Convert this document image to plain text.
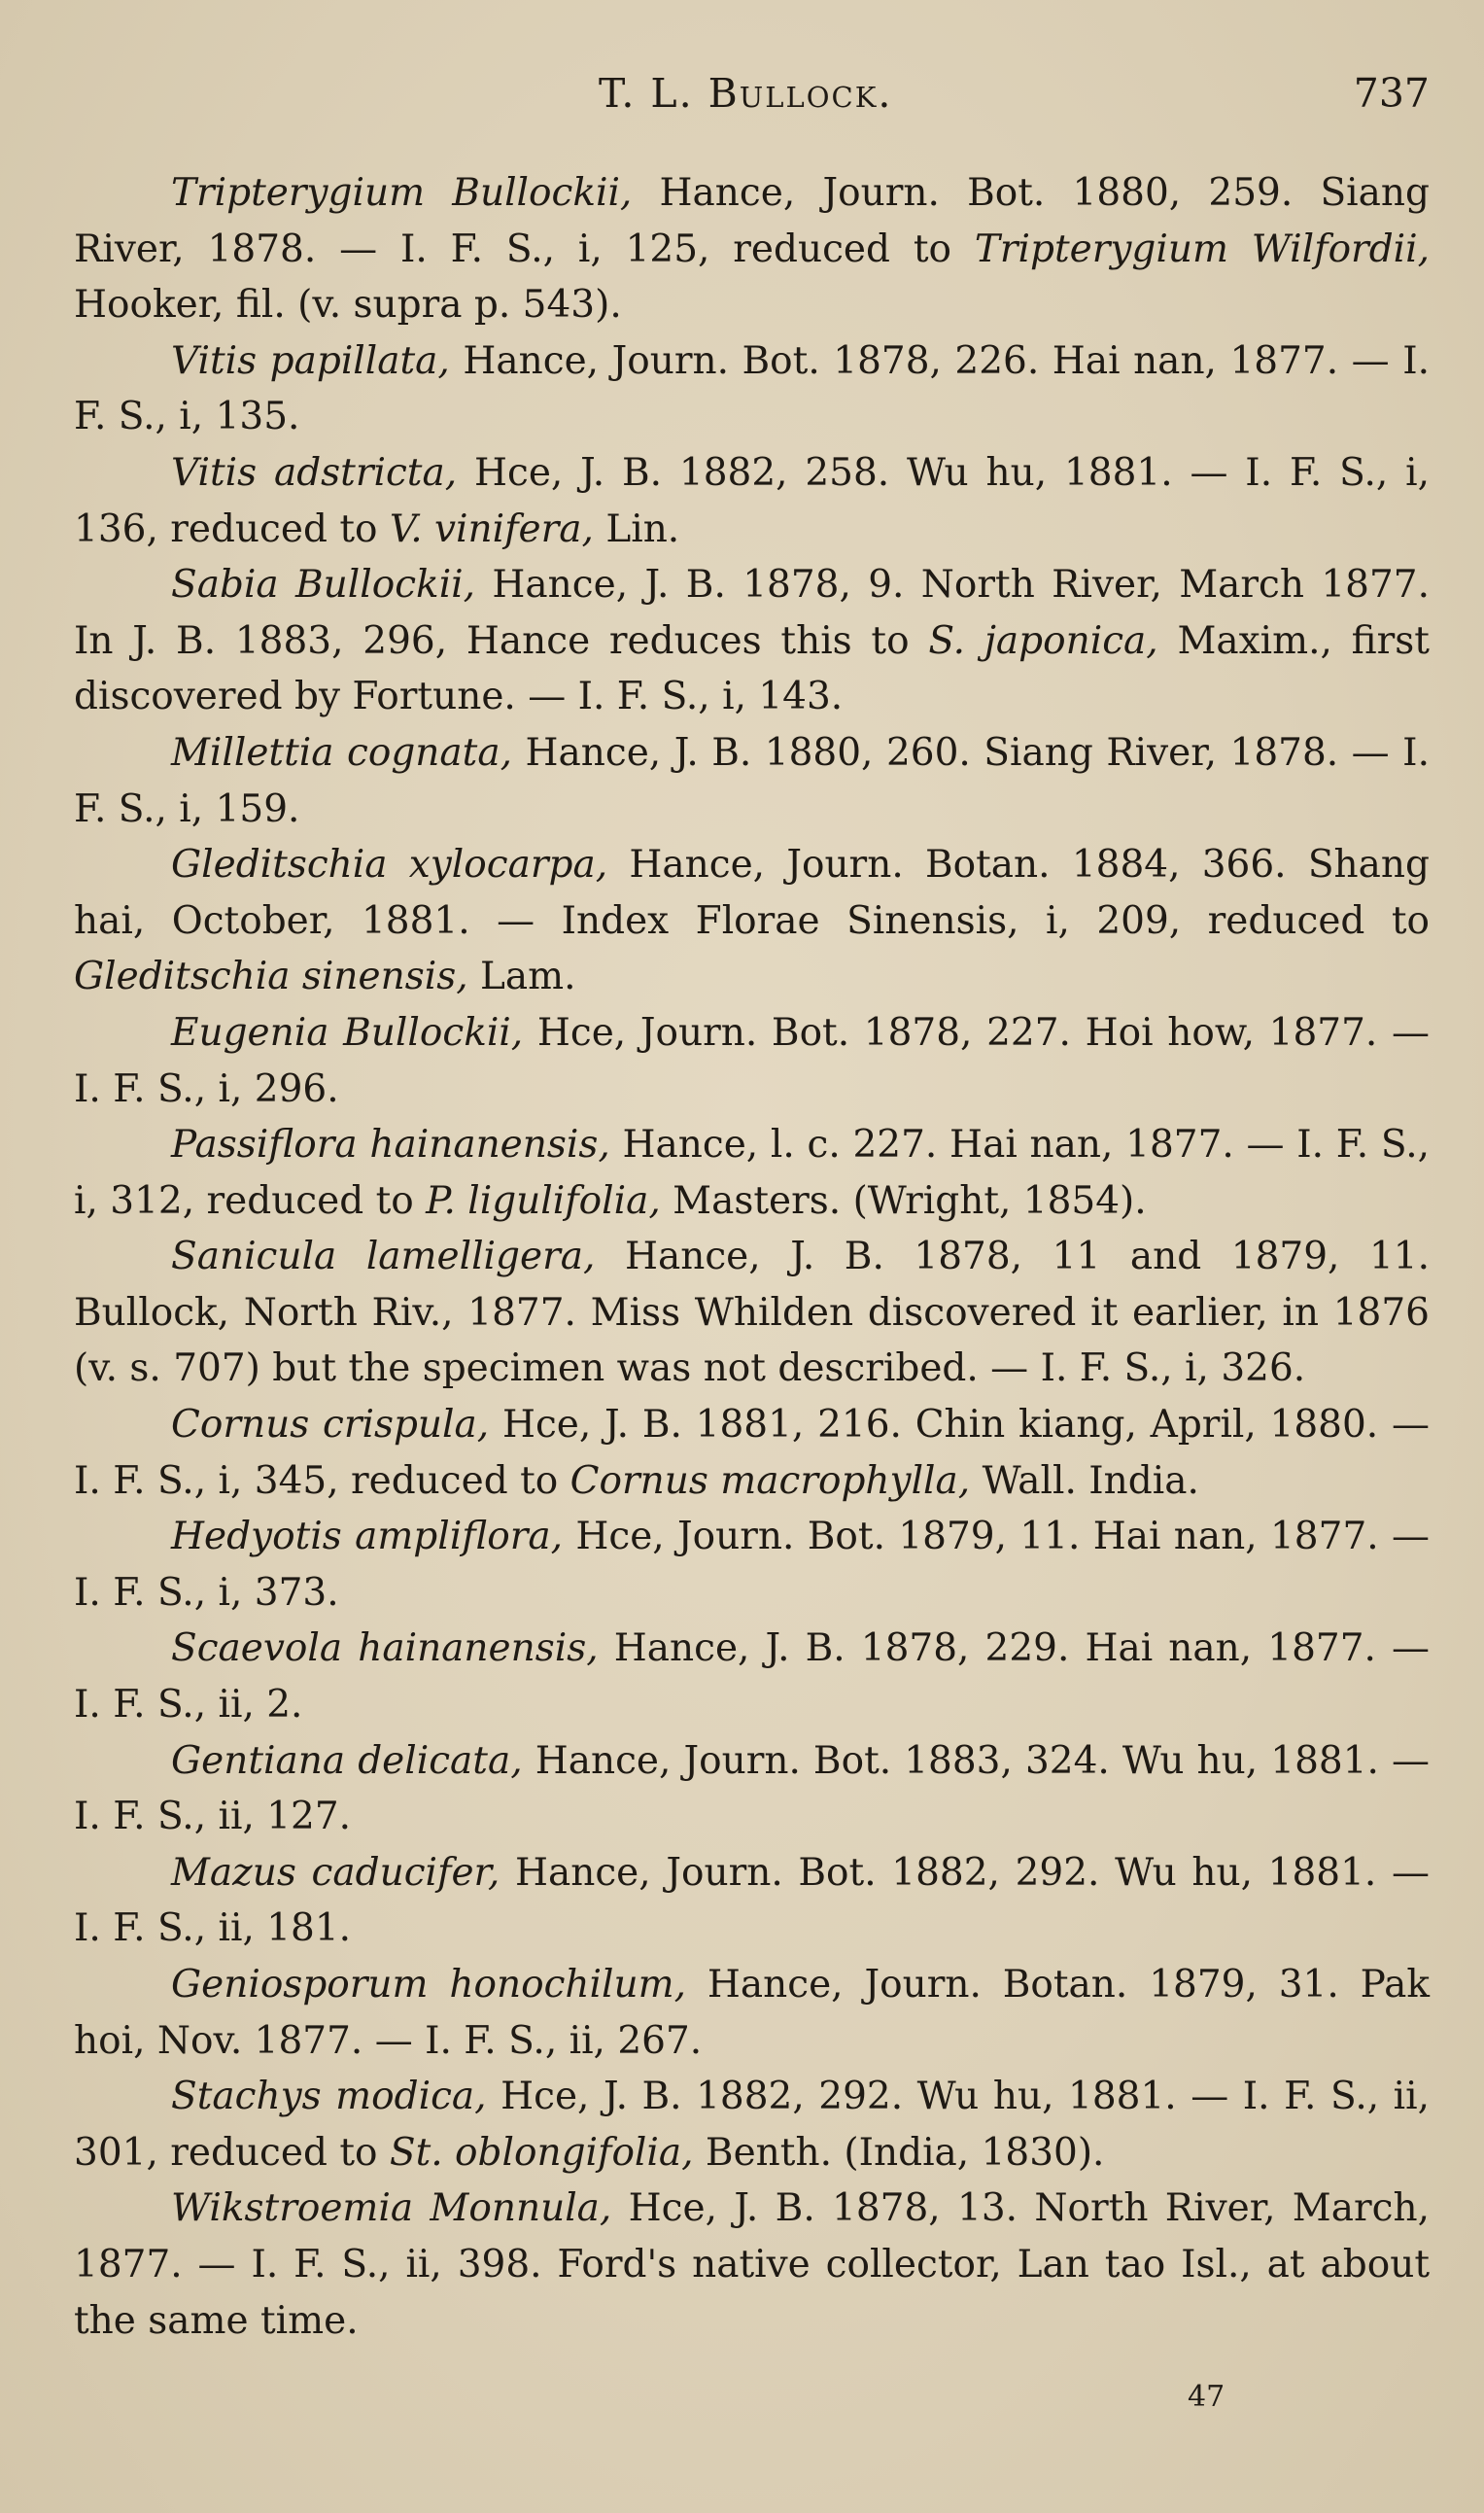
T. L. Bullock.	737

Tripterygium Bullockii, Hance, Journ. Bot. 1880, 259. Siang River, 1878. — I. F. S., i, 125, reduced to Tripterygium Wilfordii, Hooker, fil. (v. supra p. 543).

Vitis papillata, Hance, Journ. Bot. 1878, 226. Hai nan, 1877. — I. F. S., i, 135.

Vitis adstricta, Hce, J. B. 1882, 258. Wu hu, 1881. — I. F. S., i, 136, reduced to V. vinifera, Lin.

Sabia Bullockii, Hance, J. B. 1878, 9. North River, March 1877. In J. B. 1883, 296, Hance reduces this to S. japonica, Maxim., first discovered by Fortune. — I. F. S., i, 143.

Millettia cognata, Hance, J. B. 1880, 260. Siang River, 1878. — I. F. S., i, 159.

Gleditschia xylocarpa, Hance, Journ. Botan. 1884, 366. Shang hai, October, 1881. — Index Florae Sinensis, i, 209, reduced to Gleditschia sinensis, Lam.

Eugenia Bullockii, Hce, Journ. Bot. 1878, 227. Hoi how, 1877. — I. F. S., i, 296.

Passiflora hainanensis, Hance, l. c. 227. Hai nan, 1877. — I. F. S., i, 312, reduced to P. ligulifolia, Masters. (Wright, 1854).

Sanicula lamelligera, Hance, J. B. 1878, 11 and 1879, 11. Bullock, North Riv., 1877. Miss Whilden discovered it earlier, in 1876 (v. s. 707) but the specimen was not described. — I. F. S., i, 326.

Cornus crispula, Hce, J. B. 1881, 216. Chin kiang, April, 1880. — I. F. S., i, 345, reduced to Cornus macrophylla, Wall. India.

Hedyotis ampliflora, Hce, Journ. Bot. 1879, 11. Hai nan, 1877. — I. F. S., i, 373.

Scaevola hainanensis, Hance, J. B. 1878, 229. Hai nan, 1877. — I. F. S., ii, 2.

Gentiana delicata, Hance, Journ. Bot. 1883, 324. Wu hu, 1881. — I. F. S., ii, 127.

Mazus caducifer, Hance, Journ. Bot. 1882, 292. Wu hu, 1881. — I. F. S., ii, 181.

Geniosporum honochilum, Hance, Journ. Botan. 1879, 31. Pak hoi, Nov. 1877. — I. F. S., ii, 267.

Stachys modica, Hce, J. B. 1882, 292. Wu hu, 1881. — I. F. S., ii, 301, reduced to St. oblongifolia, Benth. (India, 1830).

Wikstroemia Monnula, Hce, J. B. 1878, 13. North River, March, 1877. — I. F. S., ii, 398. Ford's native collector, Lan tao Isl., at about the same time.

47
